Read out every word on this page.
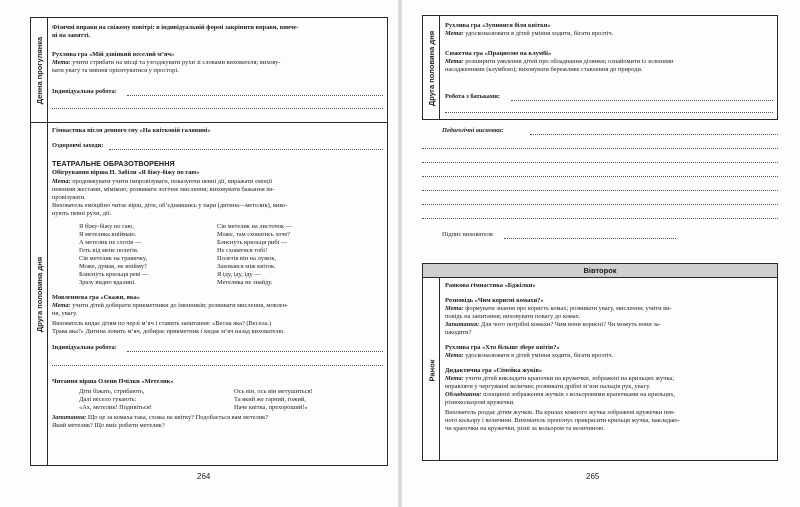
Денна прогулянка
Друга половина дня
Фізичні вправи на свіжому повітрі: в індивідуальній формі закріпити вправи, вивче-
ні на занятті.
Рухлива гра «Мій дзвінкий веселий м’яч»
Мета: учити стрибати на місці та узгоджувати рухи зі словами вихователя; вихову-
вати увагу та вміння орієнтуватися у просторі.
Індивідуальна робота:
Гімнастика після денного сну «На квітковій галявині»
Оздоровчі заходи:
ТЕАТРАЛЬНЕ ОБРАЗОТВОРЕННЯ
Обігрування вірша Н. Забіли «Я біжу-біжу по гаю»
Мета: продовжувати учити імпровізувати, показуючи певні дії, виражати емоції
певними жестами, мімікою; розвивати логічне мислення; виховувати бажання ім-
провізувати.
Вихователь емоційно читає вірш, діти, об’єднавшись у пари (дитина—метелик), вико-
нують певні рухи, дії.
Я біжу-біжу по гаю,
Я метелика впіймаю.
А метелик не схотів —
Геть від мене полетів.
Сів метелик на травичку,
Може, думав, не впійму?
Блиснуть крильця реві —
Зразу видно вдалині.
Сів метелик на листочок —
Може, там сховатись хоче?
Блиснуть крильця рибі —
Не сховатися тобі!
Полетів він на лужок,
Заховався між квіток.
Я іду, іду, іду —
Метелика не знайду.
Мовленнєва гра «Скажи, яка»
Мета: учити дітей добирати прикметники до іменників; розвивати мислення, мовлен-
ня, увагу.
Вихователь кидає дітям по черзі м’яч і ставить запитання: «Весна яка? (Весела.)
Трава яка?» Дитина ловить м’яч, добирає прикметник і кидає м’яч назад вихователю.
Індивідуальна робота:
Читання вірша Олени Пчілки «Метелик»
Діти біжать, стрибають,
Далі весело гукають:
«Ах, метелик! Подивіться!
Ось він, ось він метушиться!
Та який же гарний, гожий,
Наче квітка, прехороший!»
Запитання: Що це за комаха така, схожа на квітку? Подобається вам метелик?
Який метелик? Що вміє робити метелик?
264
Друга половина дня
Рухлива гра «Зупинися біля квітки»
Мета: удосконалювати в дітей уміння ходити, бігати врозтіч.
Сюжетна гра «Працюємо на клумбі»
Мета: розширити уявлення дітей про обладнання ділянки; ознайомити із зеленими
насадженнями (клумбою); виховувати бережливе ставлення до природи.
Робота з батьками:
Педагогічні висновки:
Підпис вихователя
Вівторок
Ранок
Ранкова гімнастика «Бджілки»
Розповідь «Чим корисні комахи?»
Мета: формувати знання про користь комах; розвивати увагу, мислення; учити ви-
повідь на запитання; виховувати повагу до комах.
Запитання: Для чого потрібні комахи? Чим вони корисні? Чи можуть вони за-
шкодити?
Рухлива гра «Хто більше збере квітів?»
Мета: удосконалювати в дітей уміння ходити, бігати врозтіч.
Дидактична гра «Сімейка жуків»
Мета: учити дітей викладати крапочки на кружечки, зображені на крильцях жучка;
вправляти у чергуванні величин; розвивати дрібні м’язи пальців рук, увагу.
Обладнання: площинні зображення жучків з кольоровими крапочками на крильцях,
різнокольорові кружечки.
Вихователь роздає дітям жучків. На крилах кожного жучка зображені кружечки пев-
ного кольору і величини. Вихователь пропонує прикрасити крильця жучка, накладаю-
чи крапочки на кружечки, різні за кольором та величиною.
265
